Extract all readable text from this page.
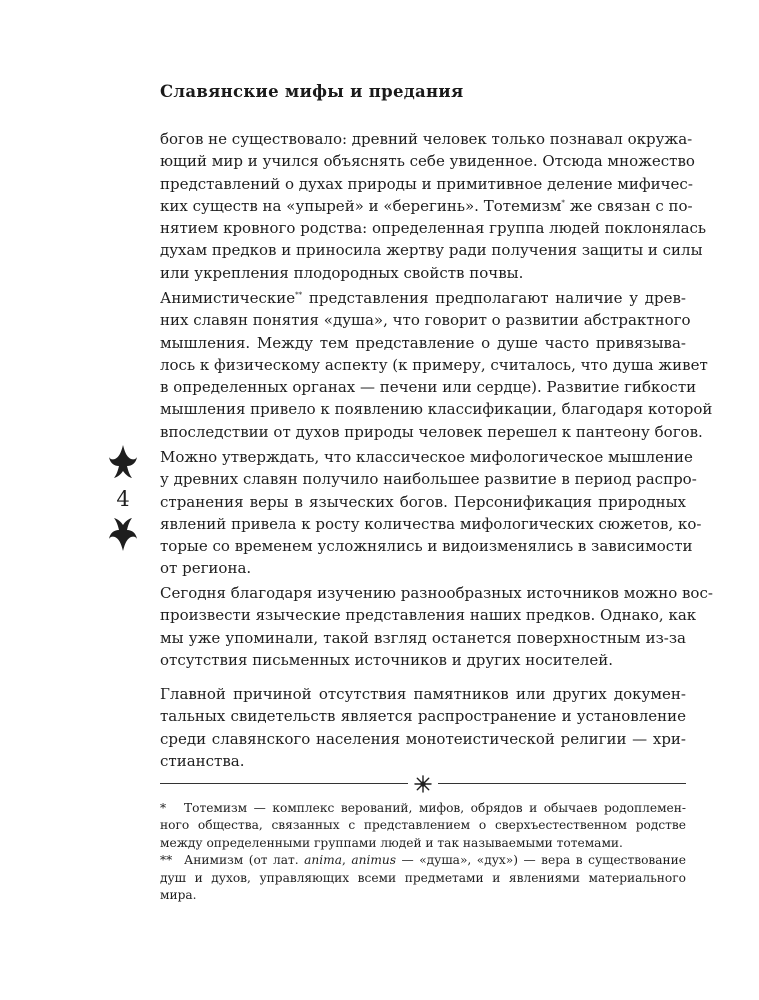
Славянские мифы и предания
богов не существовало: древний человек только познавал окружа-
ющий мир и учился объяснять себе увиденное. Отсюда множество
представлений о духах природы и примитивное деление мифичес-
ких существ на «упырей» и «берегинь». Тотемизм* же связан с по-
нятием кровного родства: определенная группа людей поклонялась
духам предков и приносила жертву ради получения защиты и силы
или укрепления плодородных свойств почвы.
Анимистические** представления предполагают наличие у древ-
них славян понятия «душа», что говорит о развитии абстрактного
мышления. Между тем представление о душе часто привязыва-
лось к физическому аспекту (к примеру, считалось, что душа живет
в определенных органах — печени или сердце). Развитие гибкости
мышления привело к появлению классификации, благодаря которой
впоследствии от духов природы человек перешел к пантеону богов.
Можно утверждать, что классическое мифологическое мышление
у древних славян получило наибольшее развитие в период распро-
странения веры в языческих богов. Персонификация природных
явлений привела к росту количества мифологических сюжетов, ко-
торые со временем усложнялись и видоизменялись в зависимости
от региона.
Сегодня благодаря изучению разнообразных источников можно вос-
произвести языческие представления наших предков. Однако, как
мы уже упоминали, такой взгляд останется поверхностным из-за
отсутствия письменных источников и других носителей.
Главной причиной отсутствия памятников или других докумен-
тальных свидетельств является распространение и установление
среди славянского населения монотеистической религии — хри-
стианства.
4
* Тотемизм — комплекс верований, мифов, обрядов и обычаев родоплемен-
ного общества, связанных с представлением о сверхъестественном родстве
между определенными группами людей и так называемыми тотемами.
** Анимизм (от лат. anima, animus — «душа», «дух») — вера в существование
душ и духов, управляющих всеми предметами и явлениями материального
мира.
